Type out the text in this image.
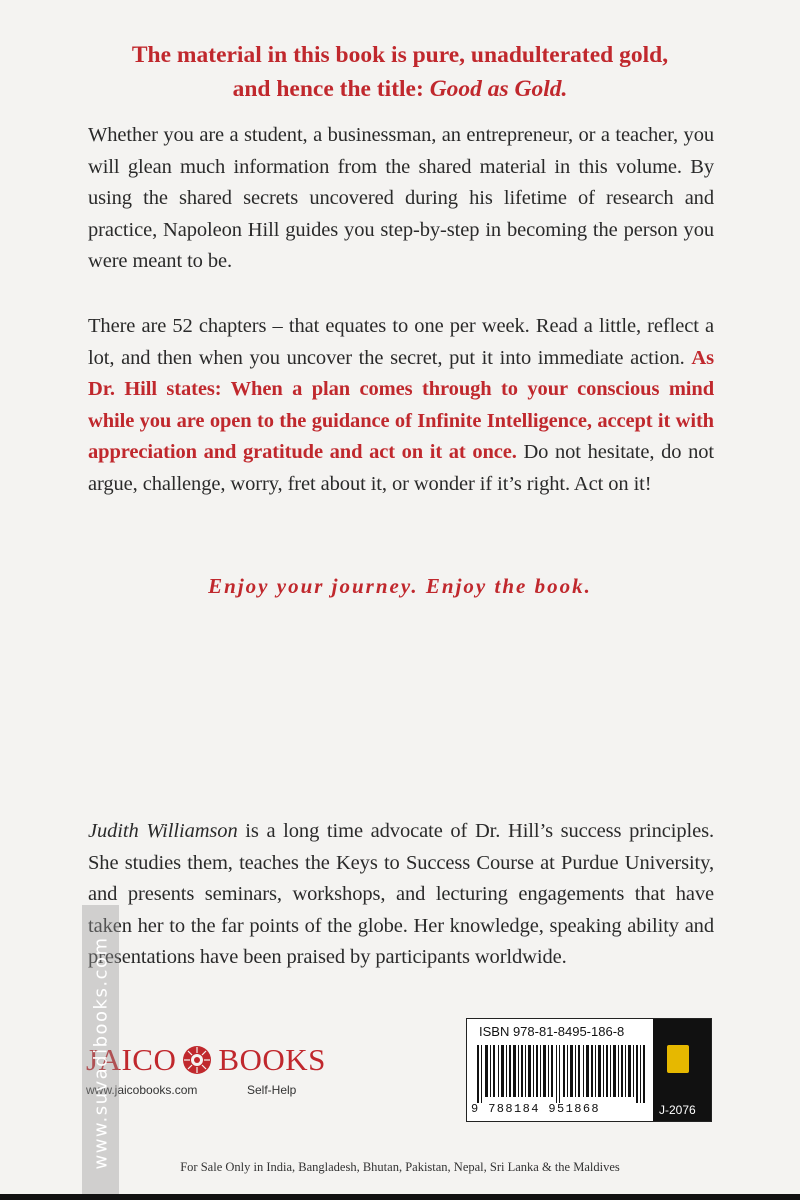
The material in this book is pure, unadulterated gold,
and hence the title: Good as Gold.

Whether you are a student, a businessman, an entrepreneur, or a teacher, you will glean much information from the shared material in this volume. By using the shared secrets uncovered during his lifetime of research and practice, Napoleon Hill guides you step-by-step in becoming the person you were meant to be.

There are 52 chapters – that equates to one per week. Read a little, reflect a lot, and then when you uncover the secret, put it into immediate action. As Dr. Hill states: When a plan comes through to your conscious mind while you are open to the guidance of Infinite Intelligence, accept it with appreciation and gratitude and act on it at once. Do not hesitate, do not argue, challenge, worry, fret about it, or wonder if it’s right. Act on it!

Enjoy your journey. Enjoy the book.

Judith Williamson is a long time advocate of Dr. Hill’s success principles. She studies them, teaches the Keys to Success Course at Purdue University, and presents seminars, workshops, and lecturing engagements that have taken her to the far points of the globe. Her knowledge, speaking ability and presentations have been praised by participants worldwide.

JAICO BOOKS
www.jaicobooks.com	Self-Help
ISBN 978-81-8495-186-8
9 788184 951868	J-2076
For Sale Only in India, Bangladesh, Bhutan, Pakistan, Nepal, Sri Lanka & the Maldives
www.suvadibooks.com
